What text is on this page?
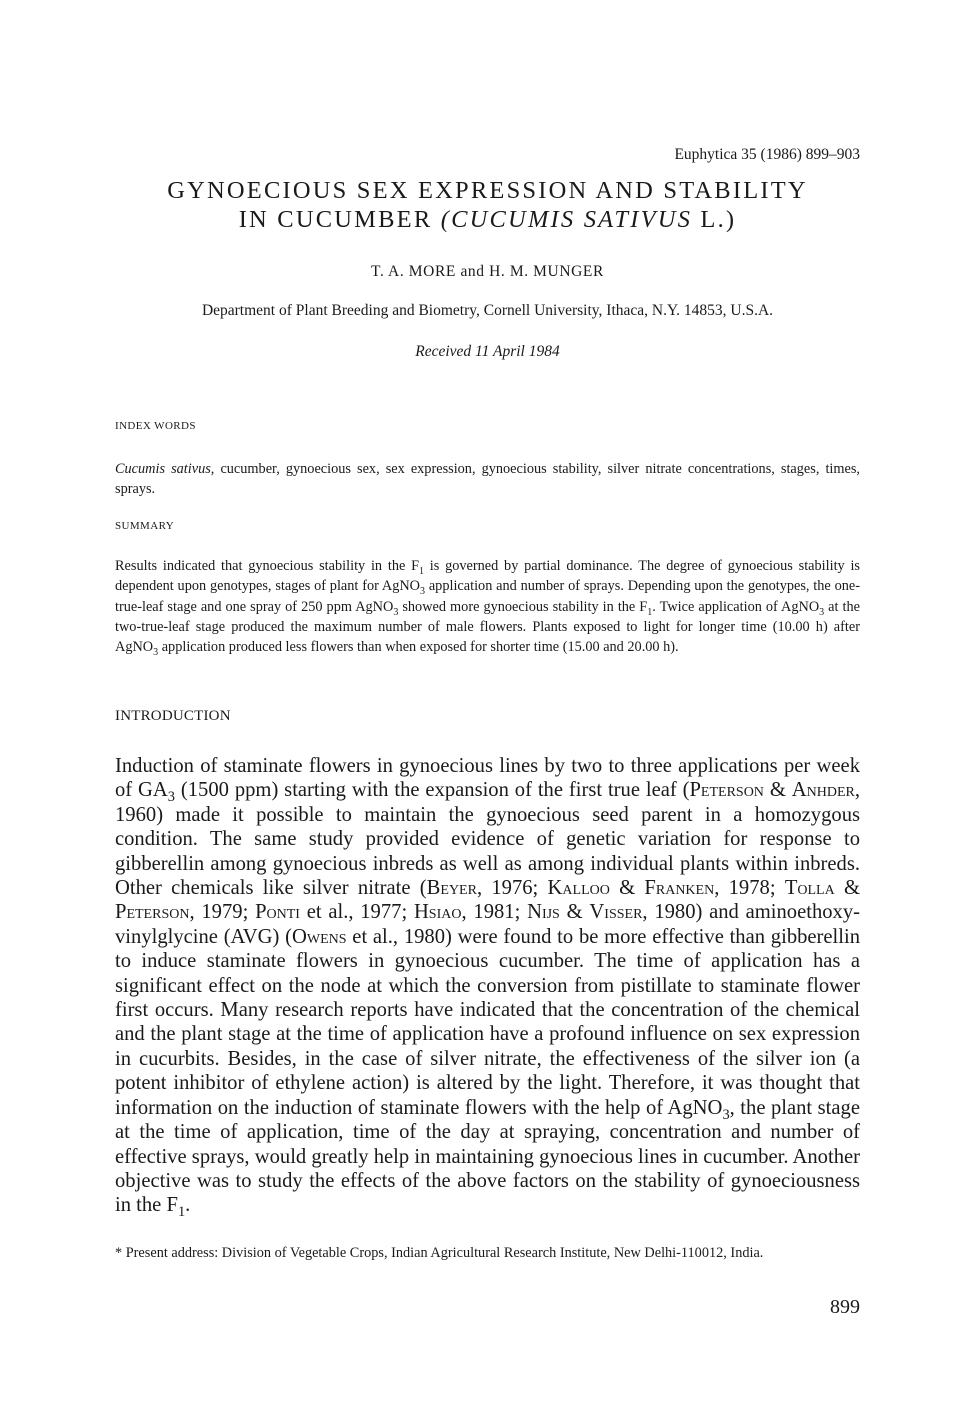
Euphytica 35 (1986) 899–903
GYNOECIOUS SEX EXPRESSION AND STABILITY
IN CUCUMBER (CUCUMIS SATIVUS L.)
T. A. MORE and H. M. MUNGER
Department of Plant Breeding and Biometry, Cornell University, Ithaca, N.Y. 14853, U.S.A.
Received 11 April 1984
INDEX WORDS
Cucumis sativus, cucumber, gynoecious sex, sex expression, gynoecious stability, silver nitrate concentrations, stages, times, sprays.
SUMMARY
Results indicated that gynoecious stability in the $F_1$ is governed by partial dominance. The degree of gynoecious stability is dependent upon genotypes, stages of plant for AgNO$_3$ application and number of sprays. Depending upon the genotypes, the one-true-leaf stage and one spray of 250 ppm AgNO$_3$ showed more gynoecious stability in the $F_1$. Twice application of AgNO$_3$ at the two-true-leaf stage produced the maximum number of male flowers. Plants exposed to light for longer time (10.00 h) after AgNO$_3$ application produced less flowers than when exposed for shorter time (15.00 and 20.00 h).
INTRODUCTION
Induction of staminate flowers in gynoecious lines by two to three applications per week of $GA_3$ (1500 ppm) starting with the expansion of the first true leaf (Peterson & Anhder, 1960) made it possible to maintain the gynoecious seed parent in a homozygous condition. The same study provided evidence of genetic variation for response to gibberellin among gynoecious inbreds as well as among individual plants within inbreds. Other chemicals like silver nitrate (Beyer, 1976; Kalloo & Franken, 1978; Tolla & Peterson, 1979; Ponti et al., 1977; Hsiao, 1981; Nijs & Visser, 1980) and aminoethoxy-vinylglycine (AVG) (Owens et al., 1980) were found to be more effective than gibberellin to induce staminate flowers in gynoecious cucumber. The time of application has a significant effect on the node at which the conversion from pistillate to staminate flower first occurs. Many research reports have indicated that the concentration of the chemical and the plant stage at the time of application have a profound influence on sex expression in cucurbits. Besides, in the case of silver nitrate, the effectiveness of the silver ion (a potent inhibitor of ethylene action) is altered by the light. Therefore, it was thought that information on the induction of staminate flowers with the help of AgNO$_3$, the plant stage at the time of application, time of the day at spraying, concentration and number of effective sprays, would greatly help in maintaining gynoecious lines in cucumber. Another objective was to study the effects of the above factors on the stability of gynoeciousness in the $F_1$.
* Present address: Division of Vegetable Crops, Indian Agricultural Research Institute, New Delhi-110012, India.
899
